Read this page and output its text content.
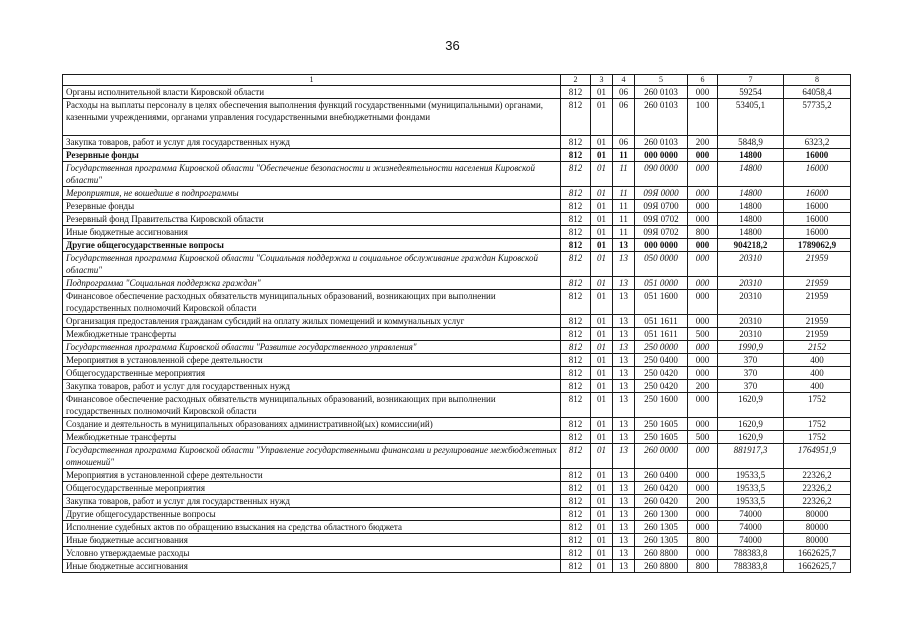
36
1	2	3	4	5	6	7	8
Органы исполнительной власти Кировской области	812	01	06	260 0103	000	59254	64058,4
Расходы на выплаты персоналу в целях обеспечения выполнения функций государственными (муниципальными) органами, казенными учреждениями, органами управления государственными внебюджетными фондами	812	01	06	260 0103	100	53405,1	57735,2
Закупка товаров, работ и услуг для государственных нужд	812	01	06	260 0103	200	5848,9	6323,2
Резервные фонды	812	01	11	000 0000	000	14800	16000
Государственная программа Кировской области "Обеспечение безопасности и жизнедеятельности населения Кировской области"	812	01	11	090 0000	000	14800	16000
Мероприятия, не вошедшие в подпрограммы	812	01	11	09Я 0000	000	14800	16000
Резервные фонды	812	01	11	09Я 0700	000	14800	16000
Резервный фонд Правительства Кировской области	812	01	11	09Я 0702	000	14800	16000
Иные бюджетные ассигнования	812	01	11	09Я 0702	800	14800	16000
Другие общегосударственные вопросы	812	01	13	000 0000	000	904218,2	1789062,9
Государственная программа Кировской области "Социальная поддержка и социальное обслуживание граждан Кировской области"	812	01	13	050 0000	000	20310	21959
Подпрограмма "Социальная поддержка граждан"	812	01	13	051 0000	000	20310	21959
Финансовое обеспечение расходных обязательств муниципальных образований, возникающих при выполнении государственных полномочий Кировской области	812	01	13	051 1600	000	20310	21959
Организация предоставления гражданам субсидий на оплату жилых помещений и коммунальных услуг	812	01	13	051 1611	000	20310	21959
Межбюджетные трансферты	812	01	13	051 1611	500	20310	21959
Государственная программа Кировской области "Развитие государственного управления"	812	01	13	250 0000	000	1990,9	2152
Мероприятия в установленной сфере деятельности	812	01	13	250 0400	000	370	400
Общегосударственные мероприятия	812	01	13	250 0420	000	370	400
Закупка товаров, работ и услуг для государственных нужд	812	01	13	250 0420	200	370	400
Финансовое обеспечение расходных обязательств муниципальных образований, возникающих при выполнении государственных полномочий Кировской области	812	01	13	250 1600	000	1620,9	1752
Создание и деятельность в муниципальных образованиях административной(ых) комиссии(ий)	812	01	13	250 1605	000	1620,9	1752
Межбюджетные трансферты	812	01	13	250 1605	500	1620,9	1752
Государственная программа Кировской области "Управление государственными финансами и регулирование межбюджетных отношений"	812	01	13	260 0000	000	881917,3	1764951,9
Мероприятия в установленной сфере деятельности	812	01	13	260 0400	000	19533,5	22326,2
Общегосударственные мероприятия	812	01	13	260 0420	000	19533,5	22326,2
Закупка товаров, работ и услуг для государственных нужд	812	01	13	260 0420	200	19533,5	22326,2
Другие общегосударственные вопросы	812	01	13	260 1300	000	74000	80000
Исполнение судебных актов по обращению взыскания на средства областного бюджета	812	01	13	260 1305	000	74000	80000
Иные бюджетные ассигнования	812	01	13	260 1305	800	74000	80000
Условно утверждаемые расходы	812	01	13	260 8800	000	788383,8	1662625,7
Иные бюджетные ассигнования	812	01	13	260 8800	800	788383,8	1662625,7
